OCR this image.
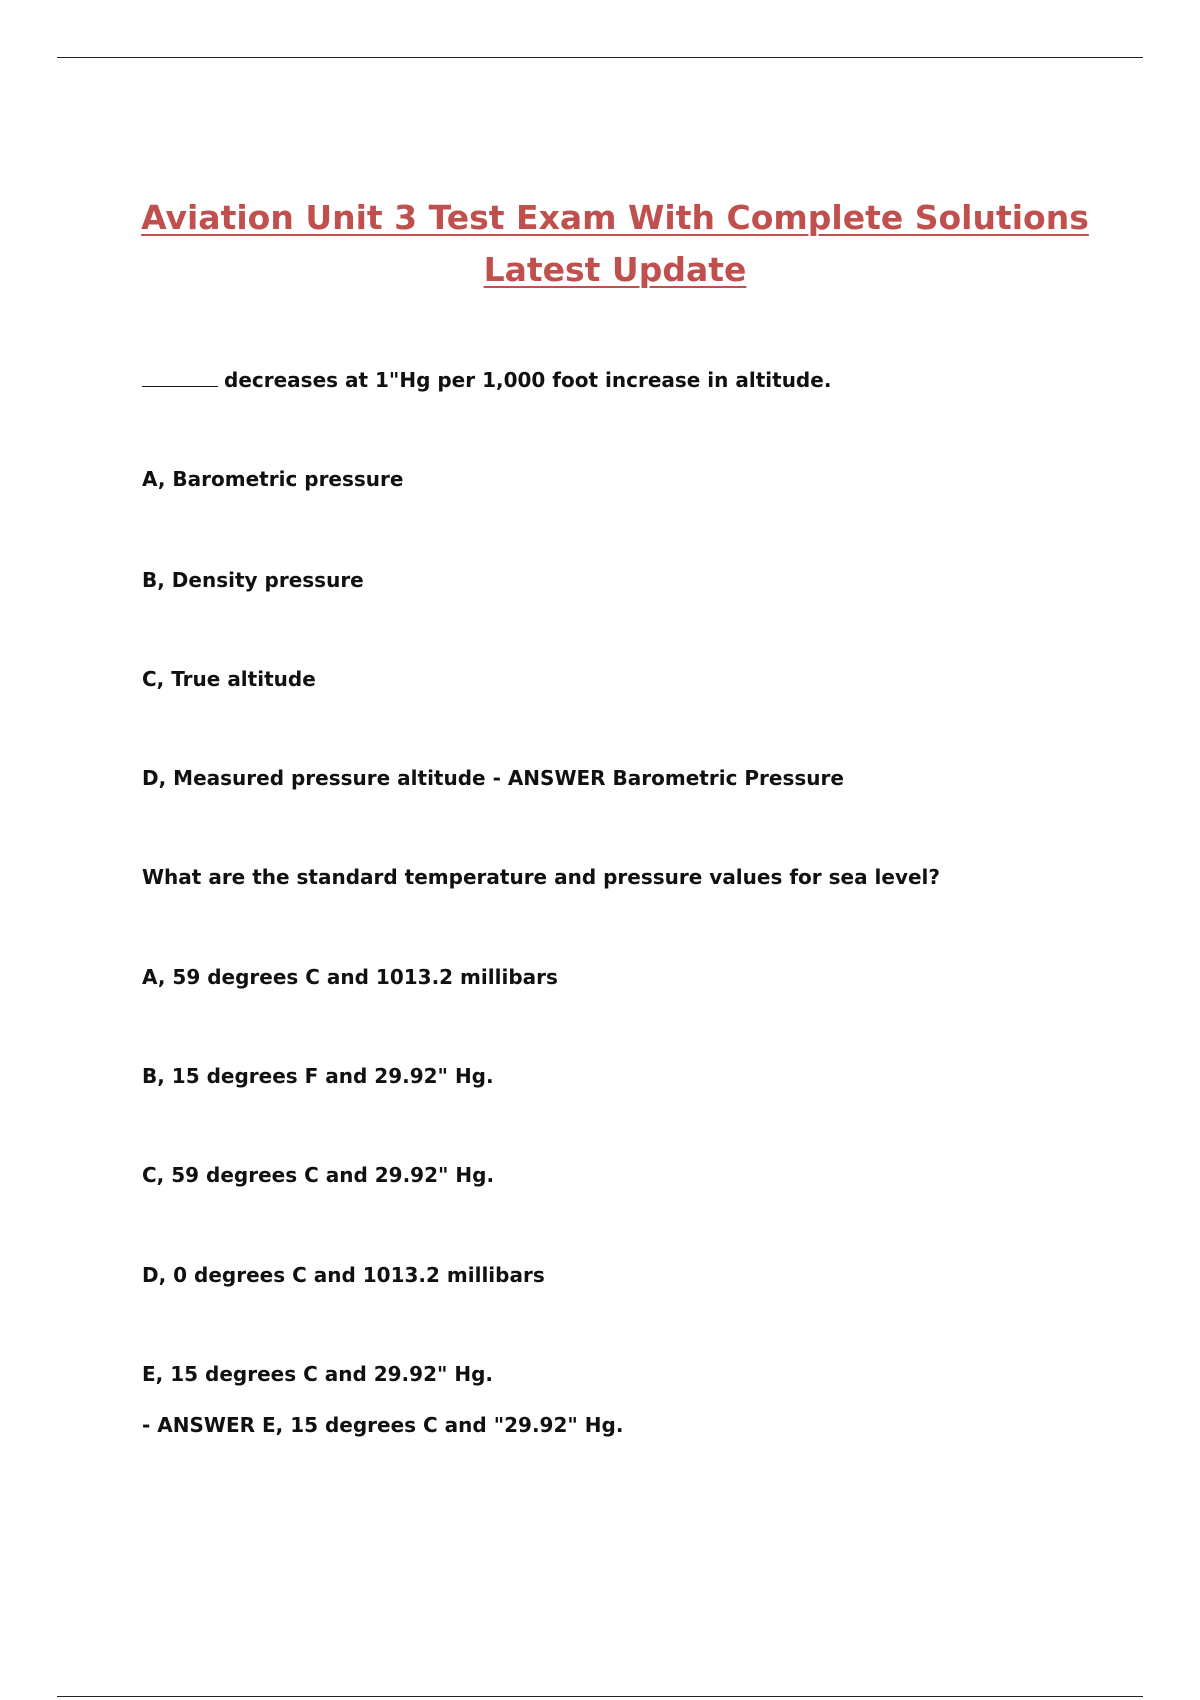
Aviation Unit 3 Test Exam With Complete Solutions
Latest Update

decreases at 1"Hg per 1,000 foot increase in altitude.

A, Barometric pressure

B, Density pressure

C, True altitude

D, Measured pressure altitude - ANSWER Barometric Pressure

What are the standard temperature and pressure values for sea level?

A, 59 degrees C and 1013.2 millibars

B, 15 degrees F and 29.92" Hg.

C, 59 degrees C and 29.92" Hg.

D, 0 degrees C and 1013.2 millibars

E, 15 degrees C and 29.92" Hg.

- ANSWER E, 15 degrees C and "29.92" Hg.
